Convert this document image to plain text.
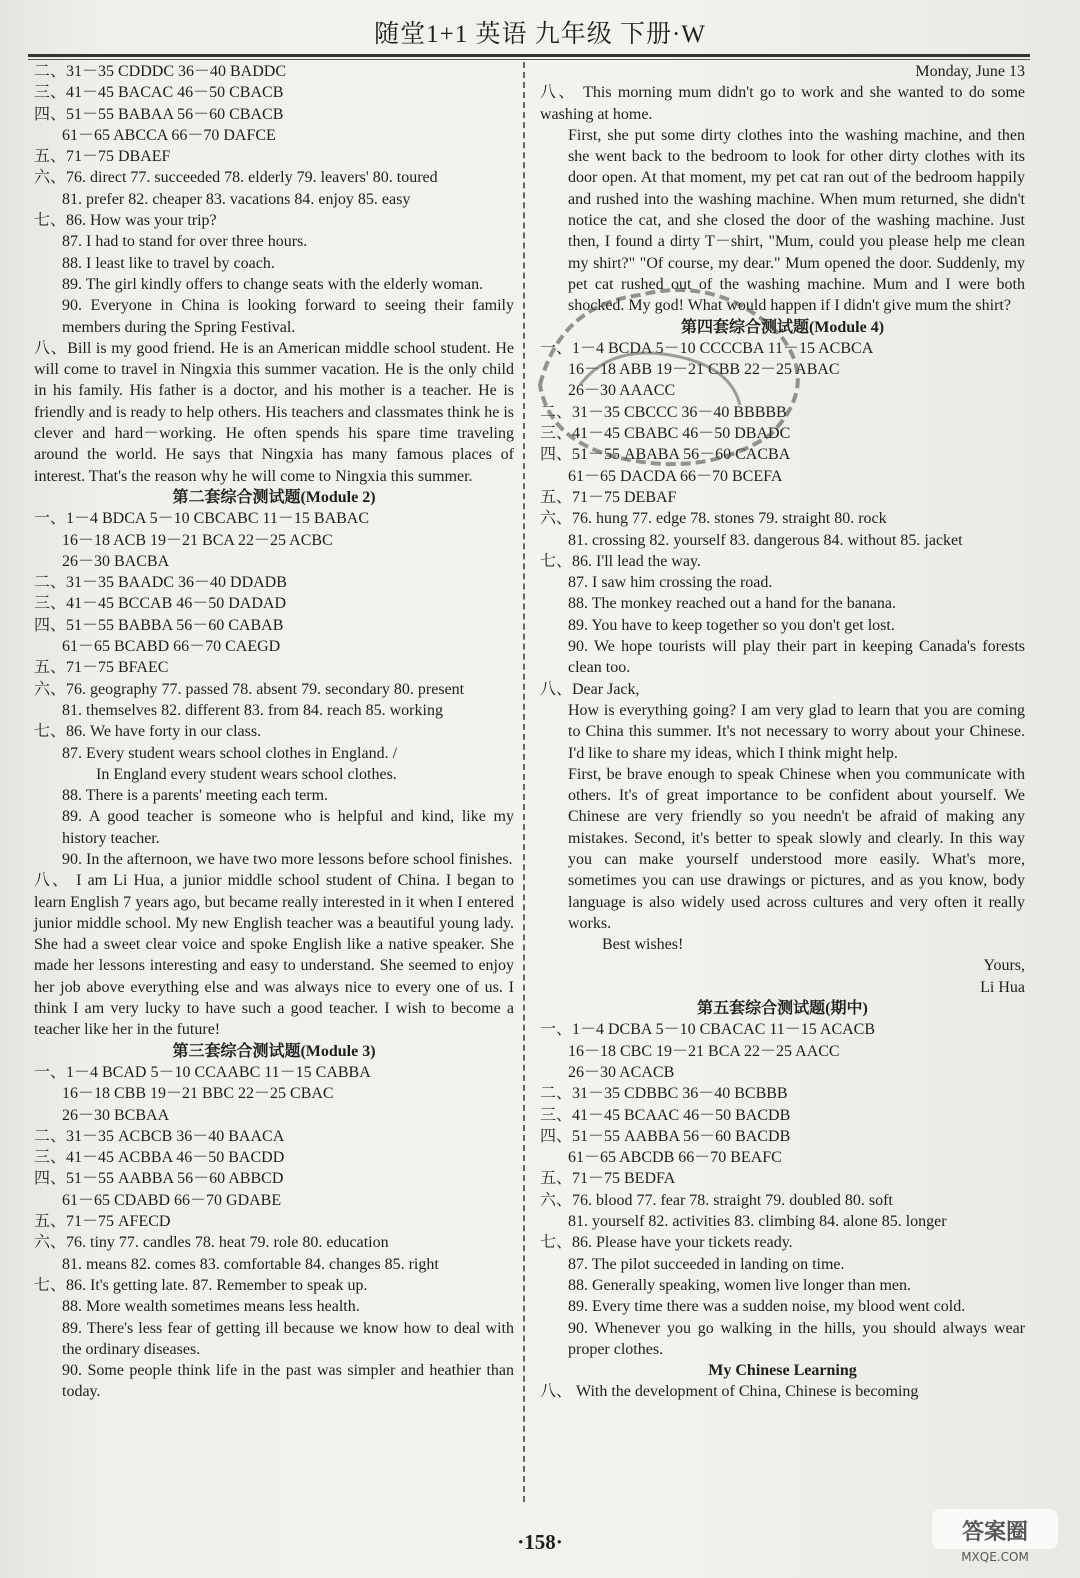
随堂1+1 英语 九年级 下册·W
二、31－35 CDDDC 36－40 BADDC
三、41－45 BACAC 46－50 CBACB
四、51－55 BABAA 56－60 CBACB
61－65 ABCCA 66－70 DAFCE
五、71－75 DBAEF
六、76. direct 77. succeeded 78. elderly 79. leavers' 80. toured
81. prefer 82. cheaper 83. vacations 84. enjoy 85. easy
七、86. How was your trip?
87. I had to stand for over three hours.
88. I least like to travel by coach.
89. The girl kindly offers to change seats with the elderly woman.
90. Everyone in China is looking forward to seeing their family members during the Spring Festival.
八、Bill is my good friend. He is an American middle school student. He will come to travel in Ningxia this summer vacation. He is the only child in his family. His father is a doctor, and his mother is a teacher. He is friendly and is ready to help others. His teachers and classmates think he is clever and hard－working. He often spends his spare time traveling around the world. He says that Ningxia has many famous places of interest. That's the reason why he will come to Ningxia this summer.
第二套综合测试题(Module 2)
一、1－4 BDCA 5－10 CBCABC 11－15 BABAC
16－18 ACB 19－21 BCA 22－25 ACBC
26－30 BACBA
二、31－35 BAADC 36－40 DDADB
三、41－45 BCCAB 46－50 DADAD
四、51－55 BABBA 56－60 CABAB
61－65 BCABD 66－70 CAEGD
五、71－75 BFAEC
六、76. geography 77. passed 78. absent 79. secondary 80. present
81. themselves 82. different 83. from 84. reach 85. working
七、86. We have forty in our class.
87. Every student wears school clothes in England. /
In England every student wears school clothes.
88. There is a parents' meeting each term.
89. A good teacher is someone who is helpful and kind, like my history teacher.
90. In the afternoon, we have two more lessons before school finishes.
八、 I am Li Hua, a junior middle school student of China. I began to learn English 7 years ago, but became really interested in it when I entered junior middle school. My new English teacher was a beautiful young lady. She had a sweet clear voice and spoke English like a native speaker. She made her lessons interesting and easy to understand. She seemed to enjoy her job above everything else and was always nice to every one of us. I think I am very lucky to have such a good teacher. I wish to become a teacher like her in the future!
第三套综合测试题(Module 3)
一、1－4 BCAD 5－10 CCAABC 11－15 CABBA
16－18 CBB 19－21 BBC 22－25 CBAC
26－30 BCBAA
二、31－35 ACBCB 36－40 BAACA
三、41－45 ACBBA 46－50 BACDD
四、51－55 AABBA 56－60 ABBCD
61－65 CDABD 66－70 GDABE
五、71－75 AFECD
六、76. tiny 77. candles 78. heat 79. role 80. education
81. means 82. comes 83. comfortable 84. changes 85. right
七、86. It's getting late. 87. Remember to speak up.
88. More wealth sometimes means less health.
89. There's less fear of getting ill because we know how to deal with the ordinary diseases.
90. Some people think life in the past was simpler and heathier than today.
Monday, June 13
八、 This morning mum didn't go to work and she wanted to do some washing at home.
First, she put some dirty clothes into the washing machine, and then she went back to the bedroom to look for other dirty clothes with its door open. At that moment, my pet cat ran out of the bedroom happily and rushed into the washing machine. When mum returned, she didn't notice the cat, and she closed the door of the washing machine. Just then, I found a dirty T－shirt, "Mum, could you please help me clean my shirt?" "Of course, my dear." Mum opened the door. Suddenly, my pet cat rushed out of the washing machine. Mum and I were both shocked. My god! What would happen if I didn't give mum the shirt?
第四套综合测试题(Module 4)
一、1－4 BCDA 5－10 CCCCBA 11－15 ACBCA
16－18 ABB 19－21 CBB 22－25 ABAC
26－30 AAACC
二、31－35 CBCCC 36－40 BBBBB
三、41－45 CBABC 46－50 DBADC
四、51－55 ABABA 56－60 CACBA
61－65 DACDA 66－70 BCEFA
五、71－75 DEBAF
六、76. hung 77. edge 78. stones 79. straight 80. rock
81. crossing 82. yourself 83. dangerous 84. without 85. jacket
七、86. I'll lead the way.
87. I saw him crossing the road.
88. The monkey reached out a hand for the banana.
89. You have to keep together so you don't get lost.
90. We hope tourists will play their part in keeping Canada's forests clean too.
八、Dear Jack,
How is everything going? I am very glad to learn that you are coming to China this summer. It's not necessary to worry about your Chinese. I'd like to share my ideas, which I think might help.
First, be brave enough to speak Chinese when you communicate with others. It's of great importance to be confident about yourself. We Chinese are very friendly so you needn't be afraid of making any mistakes. Second, it's better to speak slowly and clearly. In this way you can make yourself understood more easily. What's more, sometimes you can use drawings or pictures, and as you know, body language is also widely used across cultures and very often it really works.
Best wishes!
Yours,
Li Hua
第五套综合测试题(期中)
一、1－4 DCBA 5－10 CBACAC 11－15 ACACB
16－18 CBC 19－21 BCA 22－25 AACC
26－30 ACACB
二、31－35 CDBBC 36－40 BCBBB
三、41－45 BCAAC 46－50 BACDB
四、51－55 AABBA 56－60 BACDB
61－65 ABCDB 66－70 BEAFC
五、71－75 BEDFA
六、76. blood 77. fear 78. straight 79. doubled 80. soft
81. yourself 82. activities 83. climbing 84. alone 85. longer
七、86. Please have your tickets ready.
87. The pilot succeeded in landing on time.
88. Generally speaking, women live longer than men.
89. Every time there was a sudden noise, my blood went cold.
90. Whenever you go walking in the hills, you should always wear proper clothes.
My Chinese Learning
八、 With the development of China, Chinese is becoming
·158·	答案圈
MXQE.COM
